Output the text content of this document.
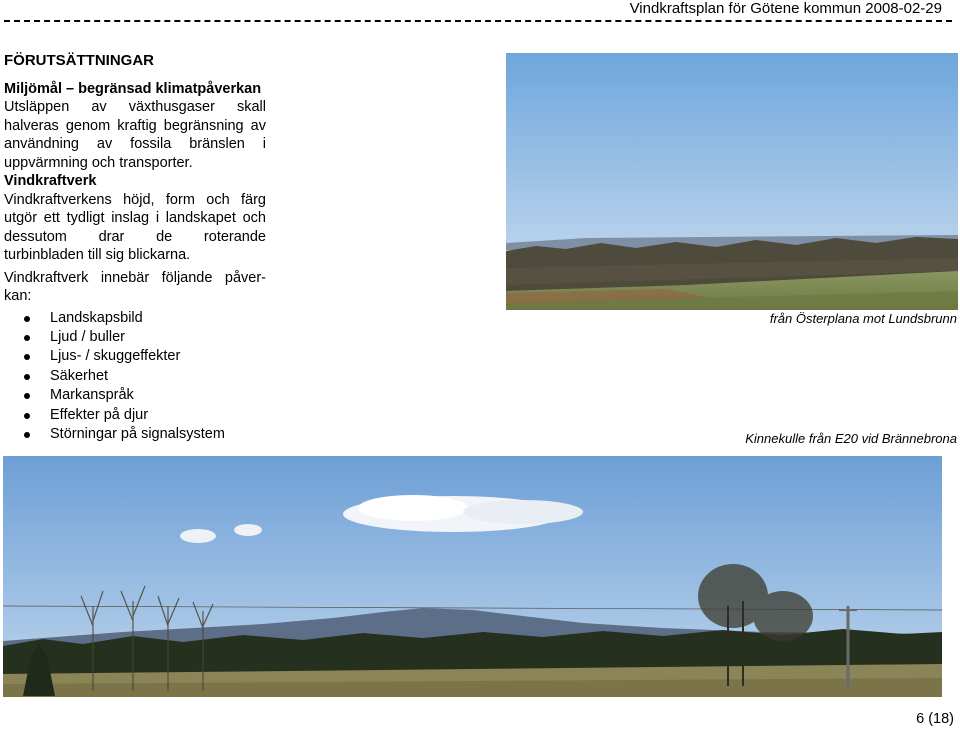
Vindkraftsplan för Götene kommun 2008-02-29

FÖRUTSÄTTNINGAR

Miljömål – begränsad klimatpåverkan

Utsläppen av växthusgaser skall halveras genom kraftig begränsning av användning av fossila bränslen i uppvärmning och transporter.

Vindkraftverk

Vindkraftverkens höjd, form och färg utgör ett tydligt inslag i landskapet och dessutom drar de roterande turbinbladen till sig blickarna.

Vindkraftverk innebär följande påver-kan:

Landskapsbild
Ljud / buller
Ljus- / skuggeffekter
Säkerhet
Markanspråk
Effekter på djur
Störningar på signalsystem
från Österplana mot Lundsbrunn
Kinnekulle från E20 vid Brännebrona
6 (18)
